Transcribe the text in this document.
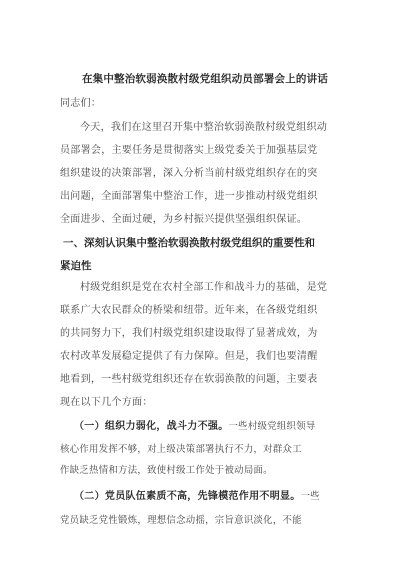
在集中整治软弱涣散村级党组织动员部署会上的讲话
同志们：
今天，我们在这里召开集中整治软弱涣散村级党组织动
员部署会，主要任务是贯彻落实上级党委关于加强基层党
组织建设的决策部署，深入分析当前村级党组织存在的突
出问题，全面部署集中整治工作，进一步推动村级党组织
全面进步、全面过硬，为乡村振兴提供坚强组织保证。
一、深刻认识集中整治软弱涣散村级党组织的重要性和
紧迫性
村级党组织是党在农村全部工作和战斗力的基础，是党
联系广大农民群众的桥梁和纽带。近年来，在各级党组织
的共同努力下，我们村级党组织建设取得了显著成效，为
农村改革发展稳定提供了有力保障。但是，我们也要清醒
地看到，一些村级党组织还存在软弱涣散的问题，主要表
现在以下几个方面：
（一）组织力弱化，战斗力不强。一些村级党组织领导
核心作用发挥不够，对上级决策部署执行不力，对群众工
作缺乏热情和方法，致使村级工作处于被动局面。
（二）党员队伍素质不高，先锋模范作用不明显。一些
党员缺乏党性锻炼，理想信念动摇，宗旨意识淡化，不能
